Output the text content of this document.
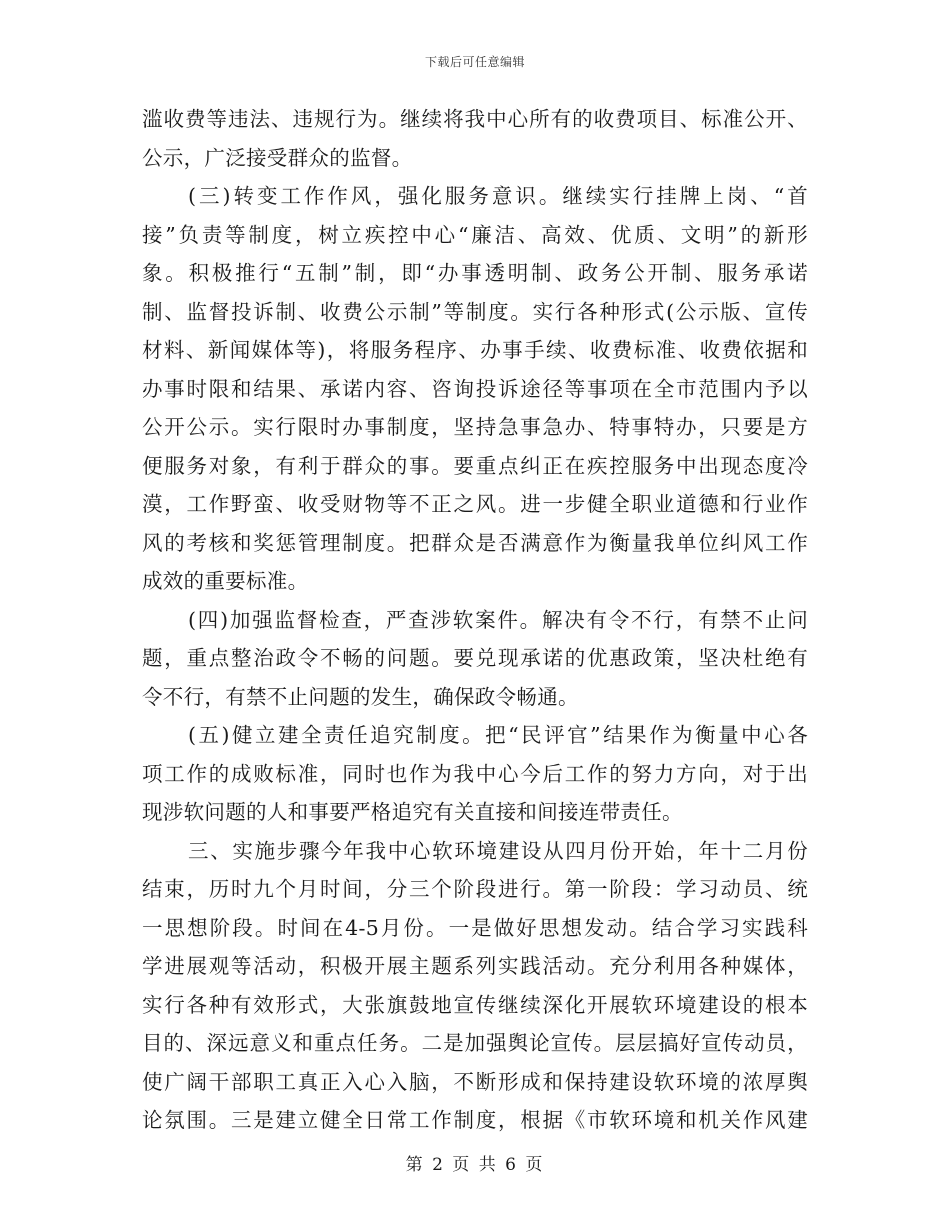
下载后可任意编辑
滥收费等违法、违规行为。继续将我中心所有的收费项目、标准公开、
公示，广泛接受群众的监督。
(三)转变工作作风，强化服务意识。继续实行挂牌上岗、“首
接”负责等制度，树立疾控中心“廉洁、高效、优质、文明”的新形
象。积极推行“五制”制，即“办事透明制、政务公开制、服务承诺
制、监督投诉制、收费公示制”等制度。实行各种形式(公示版、宣传
材料、新闻媒体等)，将服务程序、办事手续、收费标准、收费依据和
办事时限和结果、承诺内容、咨询投诉途径等事项在全市范围内予以
公开公示。实行限时办事制度，坚持急事急办、特事特办，只要是方
便服务对象，有利于群众的事。要重点纠正在疾控服务中出现态度冷
漠，工作野蛮、收受财物等不正之风。进一步健全职业道德和行业作
风的考核和奖惩管理制度。把群众是否满意作为衡量我单位纠风工作
成效的重要标准。
(四)加强监督检查，严查涉软案件。解决有令不行，有禁不止问
题，重点整治政令不畅的问题。要兑现承诺的优惠政策，坚决杜绝有
令不行，有禁不止问题的发生，确保政令畅通。
(五)健立建全责任追究制度。把“民评官”结果作为衡量中心各
项工作的成败标准，同时也作为我中心今后工作的努力方向，对于出
现涉软问题的人和事要严格追究有关直接和间接连带责任。
三、实施步骤今年我中心软环境建设从四月份开始，年十二月份
结束，历时九个月时间，分三个阶段进行。第一阶段：学习动员、统
一思想阶段。时间在4-5月份。一是做好思想发动。结合学习实践科
学进展观等活动，积极开展主题系列实践活动。充分利用各种媒体，
实行各种有效形式，大张旗鼓地宣传继续深化开展软环境建设的根本
目的、深远意义和重点任务。二是加强舆论宣传。层层搞好宣传动员，
使广阔干部职工真正入心入脑，不断形成和保持建设软环境的浓厚舆
论氛围。三是建立健全日常工作制度，根据《市软环境和机关作风建
第 2 页 共 6 页
